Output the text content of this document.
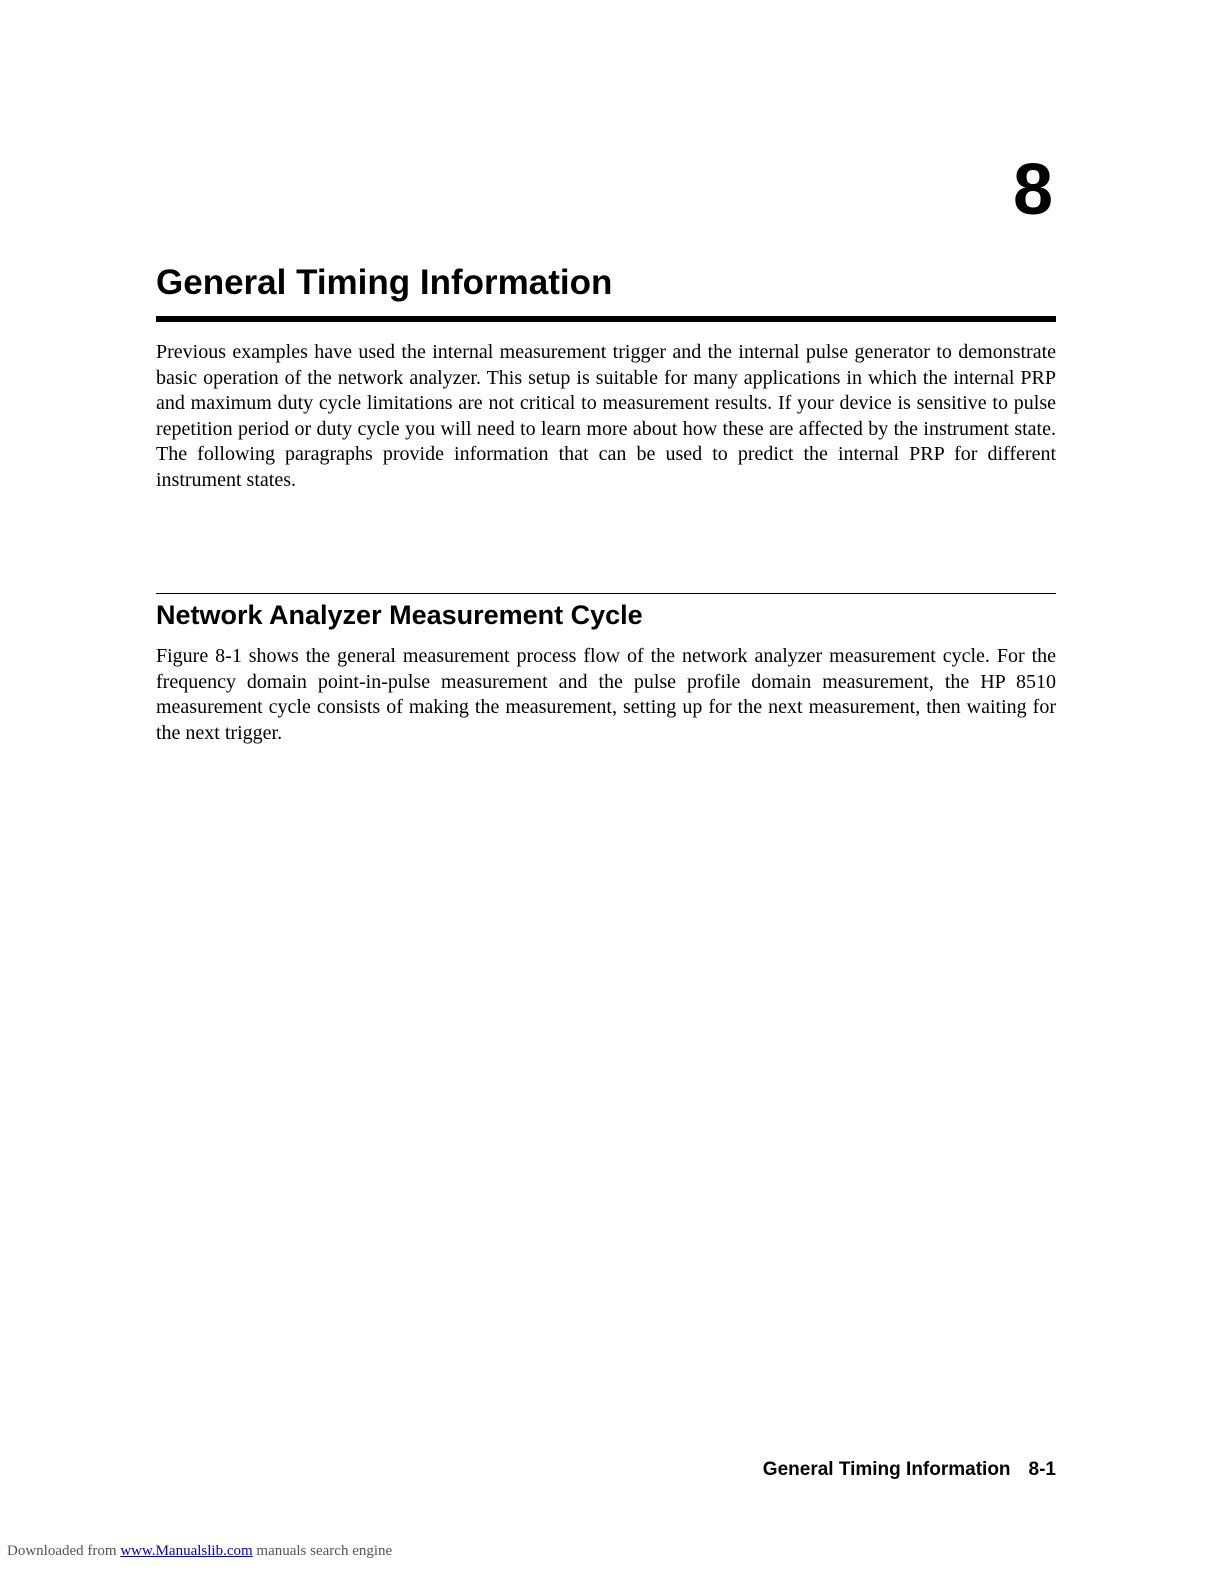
8
General Timing Information

Previous examples have used the internal measurement trigger and the internal pulse generator to demonstrate basic operation of the network analyzer. This setup is suitable for many applications in which the internal PRP and maximum duty cycle limitations are not critical to measurement results. If your device is sensitive to pulse repetition period or duty cycle you will need to learn more about how these are affected by the instrument state. The following paragraphs provide information that can be used to predict the internal PRP for different instrument states.

Network Analyzer Measurement Cycle

Figure 8-1 shows the general measurement process flow of the network analyzer measurement cycle. For the frequency domain point-in-pulse measurement and the pulse profile domain measurement, the HP 8510 measurement cycle consists of making the measurement, setting up for the next measurement, then waiting for the next trigger.

General Timing Information 8-1
Downloaded from www.Manualslib.com manuals search engine
